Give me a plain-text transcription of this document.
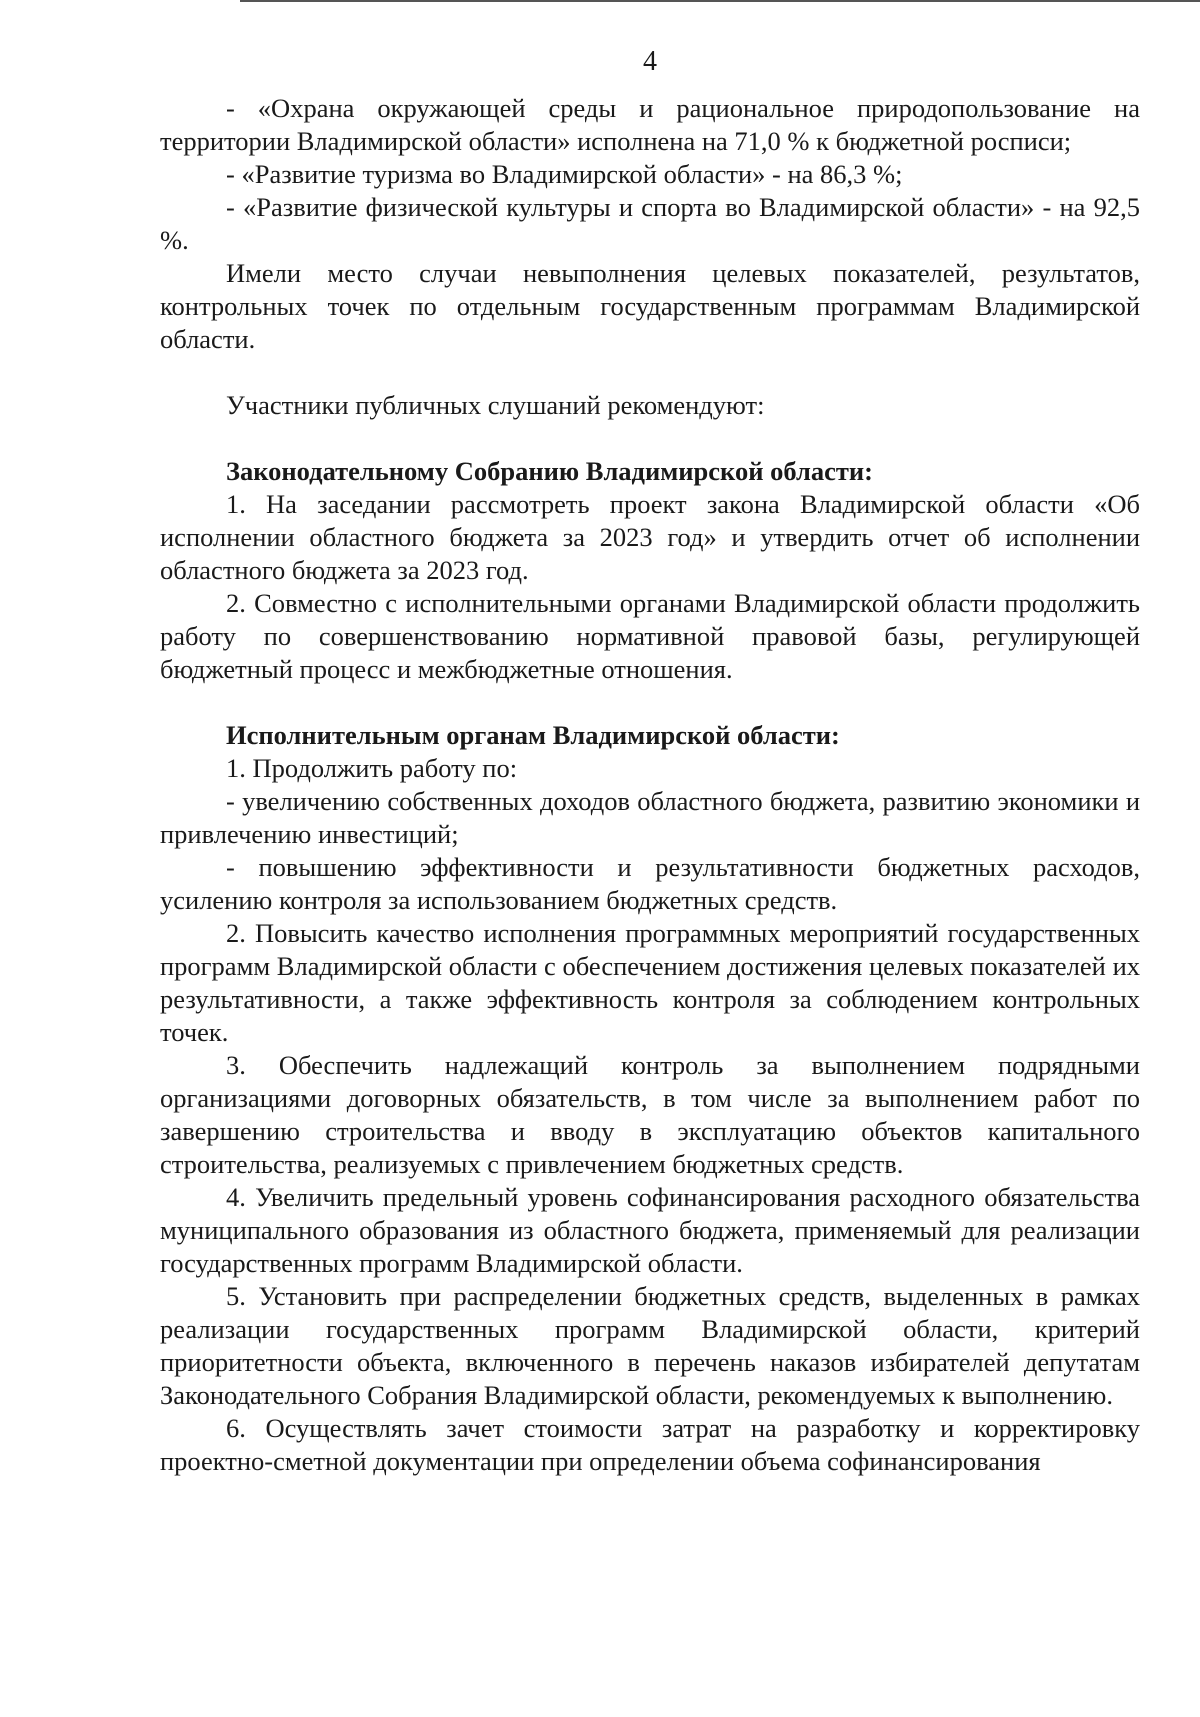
4

- «Охрана окружающей среды и рациональное природопользование на территории Владимирской области» исполнена на 71,0 % к бюджетной росписи;

- «Развитие туризма во Владимирской области» - на 86,3 %;

- «Развитие физической культуры и спорта во Владимирской области» - на 92,5 %.

Имели место случаи невыполнения целевых показателей, результатов, контрольных точек по отдельным государственным программам Владимирской области.

Участники публичных слушаний рекомендуют:

Законодательному Собранию Владимирской области:

1. На заседании рассмотреть проект закона Владимирской области «Об исполнении областного бюджета за 2023 год» и утвердить отчет об исполнении областного бюджета за 2023 год.

2. Совместно с исполнительными органами Владимирской области продолжить работу по совершенствованию нормативной правовой базы, регулирующей бюджетный процесс и межбюджетные отношения.

Исполнительным органам Владимирской области:

1. Продолжить работу по:

- увеличению собственных доходов областного бюджета, развитию экономики и привлечению инвестиций;

- повышению эффективности и результативности бюджетных расходов, усилению контроля за использованием бюджетных средств.

2. Повысить качество исполнения программных мероприятий государственных программ Владимирской области с обеспечением достижения целевых показателей их результативности, а также эффективность контроля за соблюдением контрольных точек.

3. Обеспечить надлежащий контроль за выполнением подрядными организациями договорных обязательств, в том числе за выполнением работ по завершению строительства и вводу в эксплуатацию объектов капитального строительства, реализуемых с привлечением бюджетных средств.

4. Увеличить предельный уровень софинансирования расходного обязательства муниципального образования из областного бюджета, применяемый для реализации государственных программ Владимирской области.

5. Установить при распределении бюджетных средств, выделенных в рамках реализации государственных программ Владимирской области, критерий приоритетности объекта, включенного в перечень наказов избирателей депутатам Законодательного Собрания Владимирской области, рекомендуемых к выполнению.

6. Осуществлять зачет стоимости затрат на разработку и корректировку проектно-сметной документации при определении объема софинансирования
